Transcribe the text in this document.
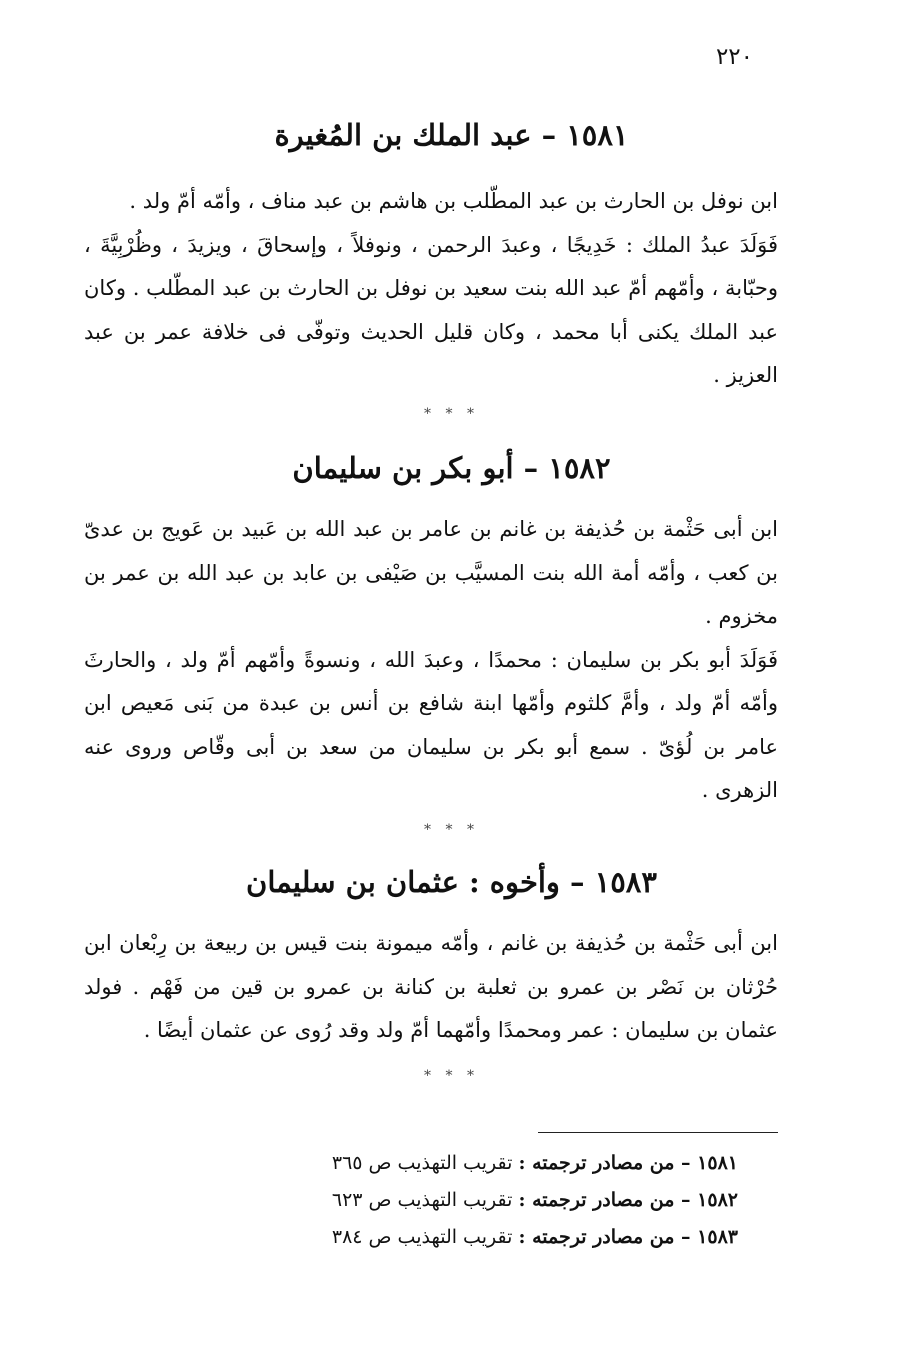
٢٢٠
١٥٨١ – عبد الملك بن المُغيرة

ابن نوفل بن الحارث بن عبد المطّلب بن هاشم بن عبد مناف ، وأمّه أمّ ولد .

فَوَلَدَ عبدُ الملك : خَدِيجًا ، وعبدَ الرحمن ، ونوفلاً ، وإسحاقَ ، ويزيدَ ، وظُرْبِيَّةَ ، وحبّابة ، وأمّهم أمّ عبد الله بنت سعيد بن نوفل بن الحارث بن عبد المطّلب . وكان عبد الملك يكنى أبا محمد ، وكان قليل الحديث وتوفّى فى خلافة عمر بن عبد العزيز .

* * *
١٥٨٢ – أبو بكر بن سليمان

ابن أبى حَثْمة بن حُذيفة بن غانم بن عامر بن عبد الله بن عَبيد بن عَويج بن عدىّ بن كعب ، وأمّه أمة الله بنت المسيَّب بن صَيْفى بن عابد بن عبد الله بن عمر بن مخزوم .

فَوَلَدَ أبو بكر بن سليمان : محمدًا ، وعبدَ الله ، ونسوةً وأمّهم أمّ ولد ، والحارثَ وأمّه أمّ ولد ، وأمَّ كلثوم وأمّها ابنة شافع بن أنس بن عبدة من بَنى مَعيص ابن عامر بن لُؤىّ . سمع أبو بكر بن سليمان من سعد بن أبى وقّاص وروى عنه الزهرى .

* * *
١٥٨٣ – وأخوه : عثمان بن سليمان

ابن أبى حَثْمة بن حُذيفة بن غانم ، وأمّه ميمونة بنت قيس بن ربيعة بن رِبْعان ابن حُرْثان بن نَصْر بن عمرو بن ثعلبة بن كنانة بن عمرو بن قين من فَهْم . فولد عثمان بن سليمان : عمر ومحمدًا وأمّهما أمّ ولد وقد رُوى عن عثمان أيضًا .

* * *
١٥٨١ – من مصادر ترجمته : تقريب التهذيب ص ٣٦٥
١٥٨٢ – من مصادر ترجمته : تقريب التهذيب ص ٦٢٣
١٥٨٣ – من مصادر ترجمته : تقريب التهذيب ص ٣٨٤
